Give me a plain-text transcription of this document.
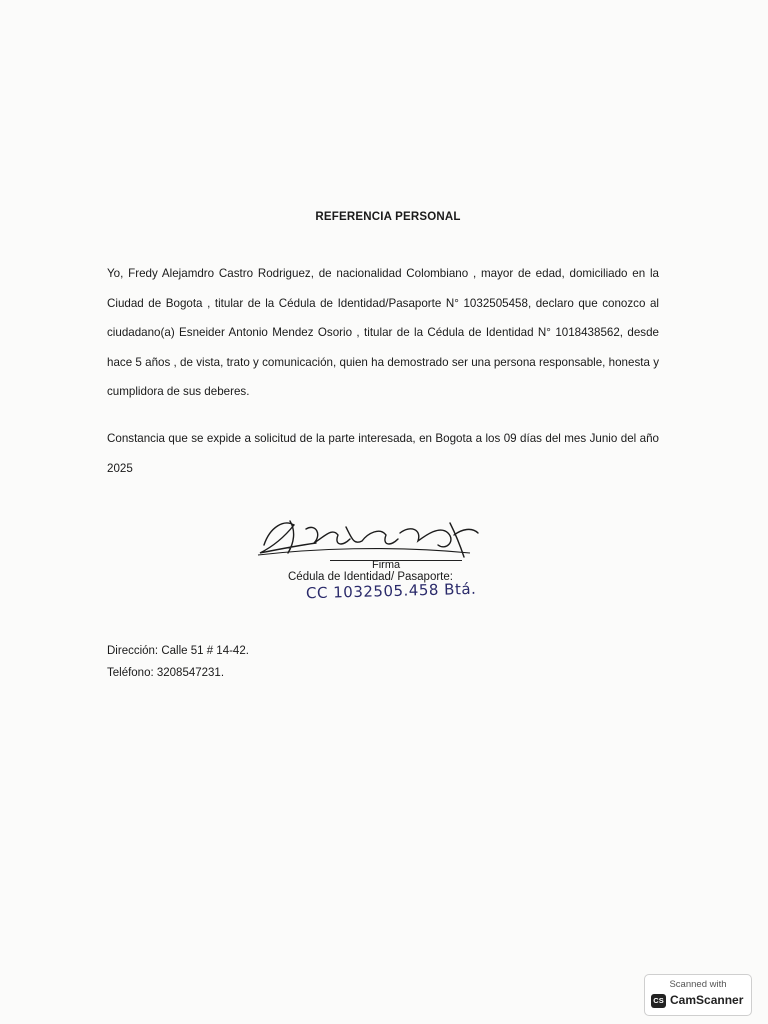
REFERENCIA PERSONAL
Yo, Fredy Alejamdro Castro Rodriguez, de nacionalidad Colombiano , mayor de edad, domiciliado en la Ciudad de Bogota , titular de la Cédula de Identidad/Pasaporte N° 1032505458, declaro que conozco al ciudadano(a) Esneider Antonio Mendez Osorio , titular de la Cédula de Identidad N° 1018438562, desde hace 5 años , de vista, trato y comunicación, quien ha demostrado ser una persona responsable, honesta y cumplidora de sus deberes.
Constancia que se expide a solicitud de la parte interesada, en Bogota a los 09 días del mes Junio del año 2025
Firma
Cédula de Identidad/ Pasaporte:
CC 1032505.458 Btá.
Dirección: Calle 51 # 14-42.
Teléfono: 3208547231.
Scanned with
CS CamScanner
